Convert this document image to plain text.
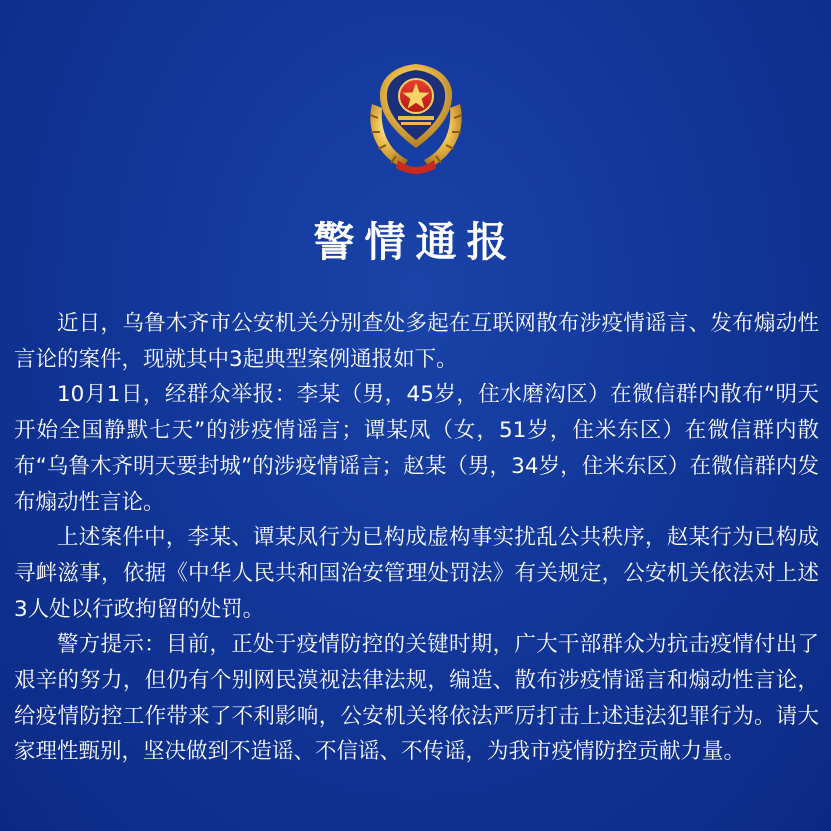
警情通报

近日，乌鲁木齐市公安机关分别查处多起在互联网散布涉疫情谣言、发布煽动性言论的案件，现就其中3起典型案例通报如下。

10月1日，经群众举报：李某（男，45岁，住水磨沟区）在微信群内散布“明天开始全国静默七天”的涉疫情谣言；谭某凤（女，51岁，住米东区）在微信群内散布“乌鲁木齐明天要封城”的涉疫情谣言；赵某（男，34岁，住米东区）在微信群内发布煽动性言论。

上述案件中，李某、谭某凤行为已构成虚构事实扰乱公共秩序，赵某行为已构成寻衅滋事，依据《中华人民共和国治安管理处罚法》有关规定，公安机关依法对上述3人处以行政拘留的处罚。

警方提示：目前，正处于疫情防控的关键时期，广大干部群众为抗击疫情付出了艰辛的努力，但仍有个别网民漠视法律法规，编造、散布涉疫情谣言和煽动性言论，给疫情防控工作带来了不利影响，公安机关将依法严厉打击上述违法犯罪行为。请大家理性甄别，坚决做到不造谣、不信谣、不传谣，为我市疫情防控贡献力量。
